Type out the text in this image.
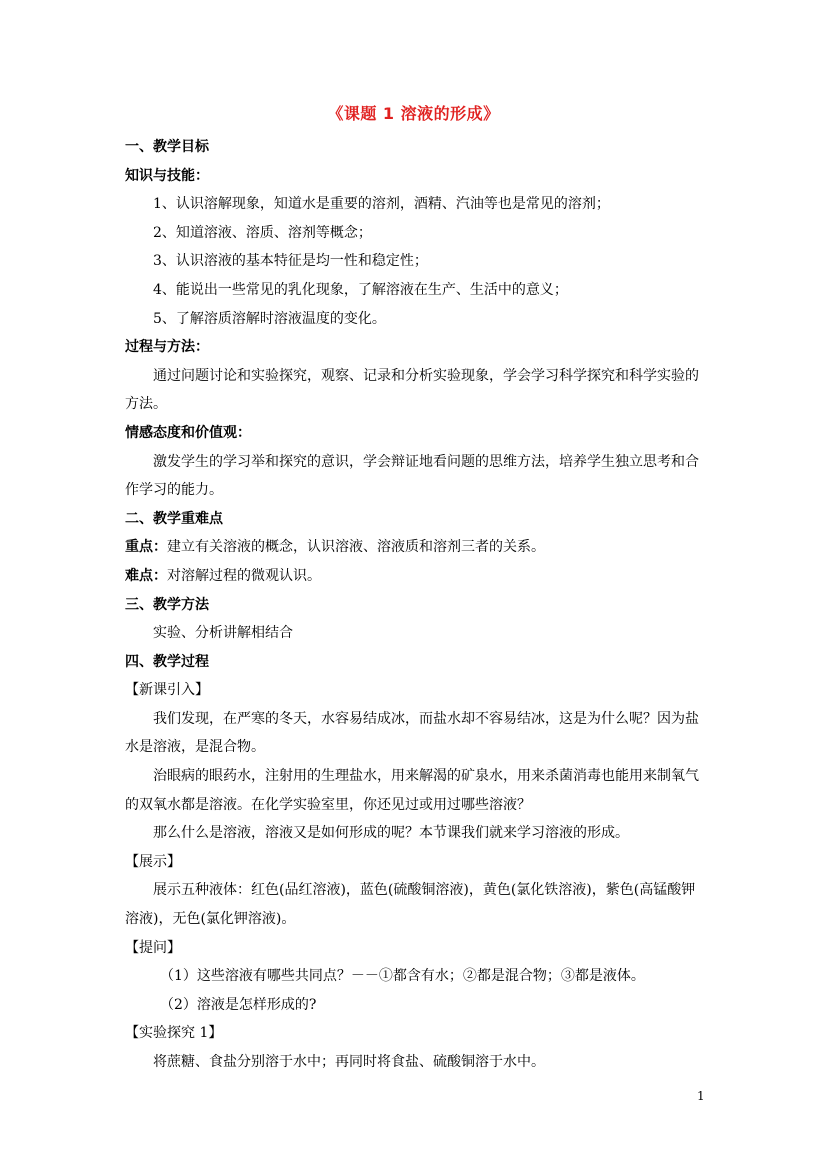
《课题 1 溶液的形成》

一、教学目标

知识与技能：

1、认识溶解现象，知道水是重要的溶剂，酒精、汽油等也是常见的溶剂；

2、知道溶液、溶质、溶剂等概念；

3、认识溶液的基本特征是均一性和稳定性；

4、能说出一些常见的乳化现象，了解溶液在生产、生活中的意义；

5、了解溶质溶解时溶液温度的变化。

过程与方法：

通过问题讨论和实验探究，观察、记录和分析实验现象，学会学习科学探究和科学实验的方法。

情感态度和价值观：

激发学生的学习举和探究的意识，学会辩证地看问题的思维方法，培养学生独立思考和合作学习的能力。

二、教学重难点

重点：建立有关溶液的概念，认识溶液、溶液质和溶剂三者的关系。

难点：对溶解过程的微观认识。

三、教学方法

实验、分析讲解相结合

四、教学过程

【新课引入】

我们发现，在严寒的冬天，水容易结成冰，而盐水却不容易结冰，这是为什么呢？因为盐水是溶液，是混合物。

治眼病的眼药水，注射用的生理盐水，用来解渴的矿泉水，用来杀菌消毒也能用来制氧气的双氧水都是溶液。在化学实验室里，你还见过或用过哪些溶液？

那么什么是溶液，溶液又是如何形成的呢？本节课我们就来学习溶液的形成。

【展示】

展示五种液体：红色(品红溶液)，蓝色(硫酸铜溶液)，黄色(氯化铁溶液)，紫色(高锰酸钾溶液)，无色(氯化钾溶液)。

【提问】

（1）这些溶液有哪些共同点？－－①都含有水；②都是混合物；③都是液体。

（2）溶液是怎样形成的?

【实验探究 1】

将蔗糖、食盐分别溶于水中；再同时将食盐、硫酸铜溶于水中。

1
